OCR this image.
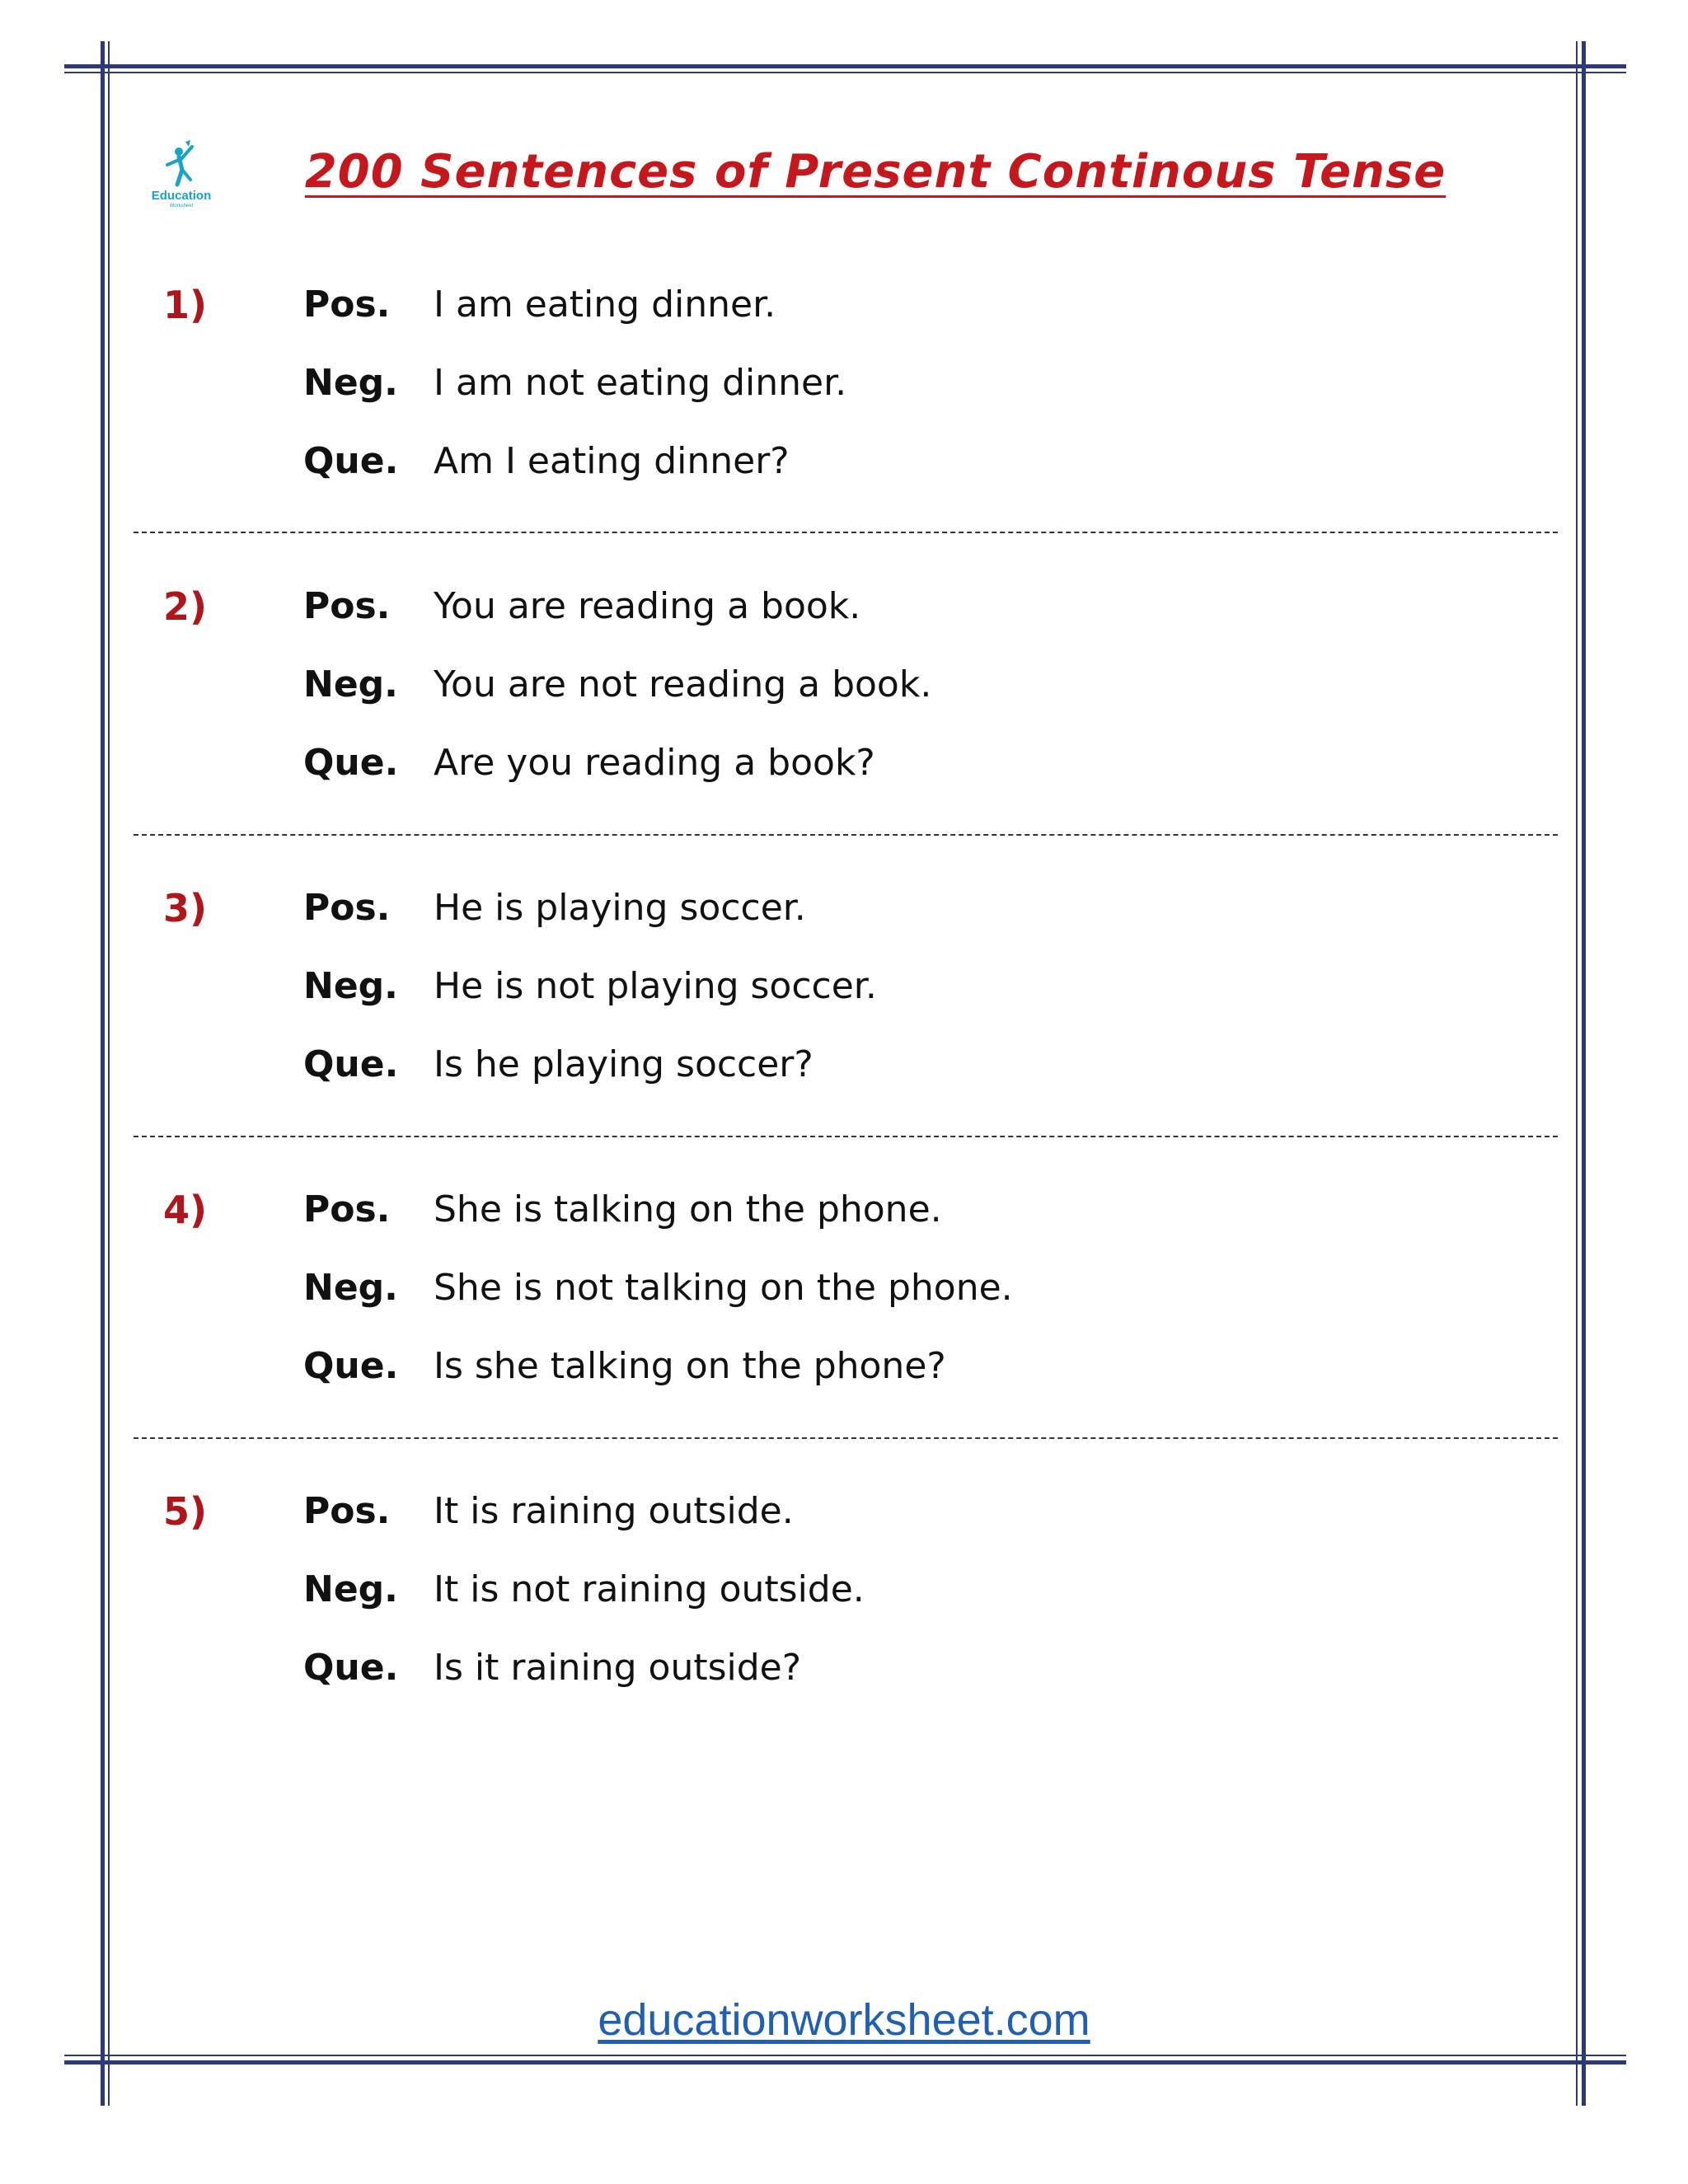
Education
Worksheet
200 Sentences of Present Continous Tense
1)	Pos. I am eating dinner.
Neg. I am not eating dinner.
Que. Am I eating dinner?
2)	Pos. You are reading a book.
Neg. You are not reading a book.
Que. Are you reading a book?
3)	Pos. He is playing soccer.
Neg. He is not playing soccer.
Que. Is he playing soccer?
4)	Pos. She is talking on the phone.
Neg. She is not talking on the phone.
Que. Is she talking on the phone?
5)	Pos. It is raining outside.
Neg. It is not raining outside.
Que. Is it raining outside?
educationworksheet.com
